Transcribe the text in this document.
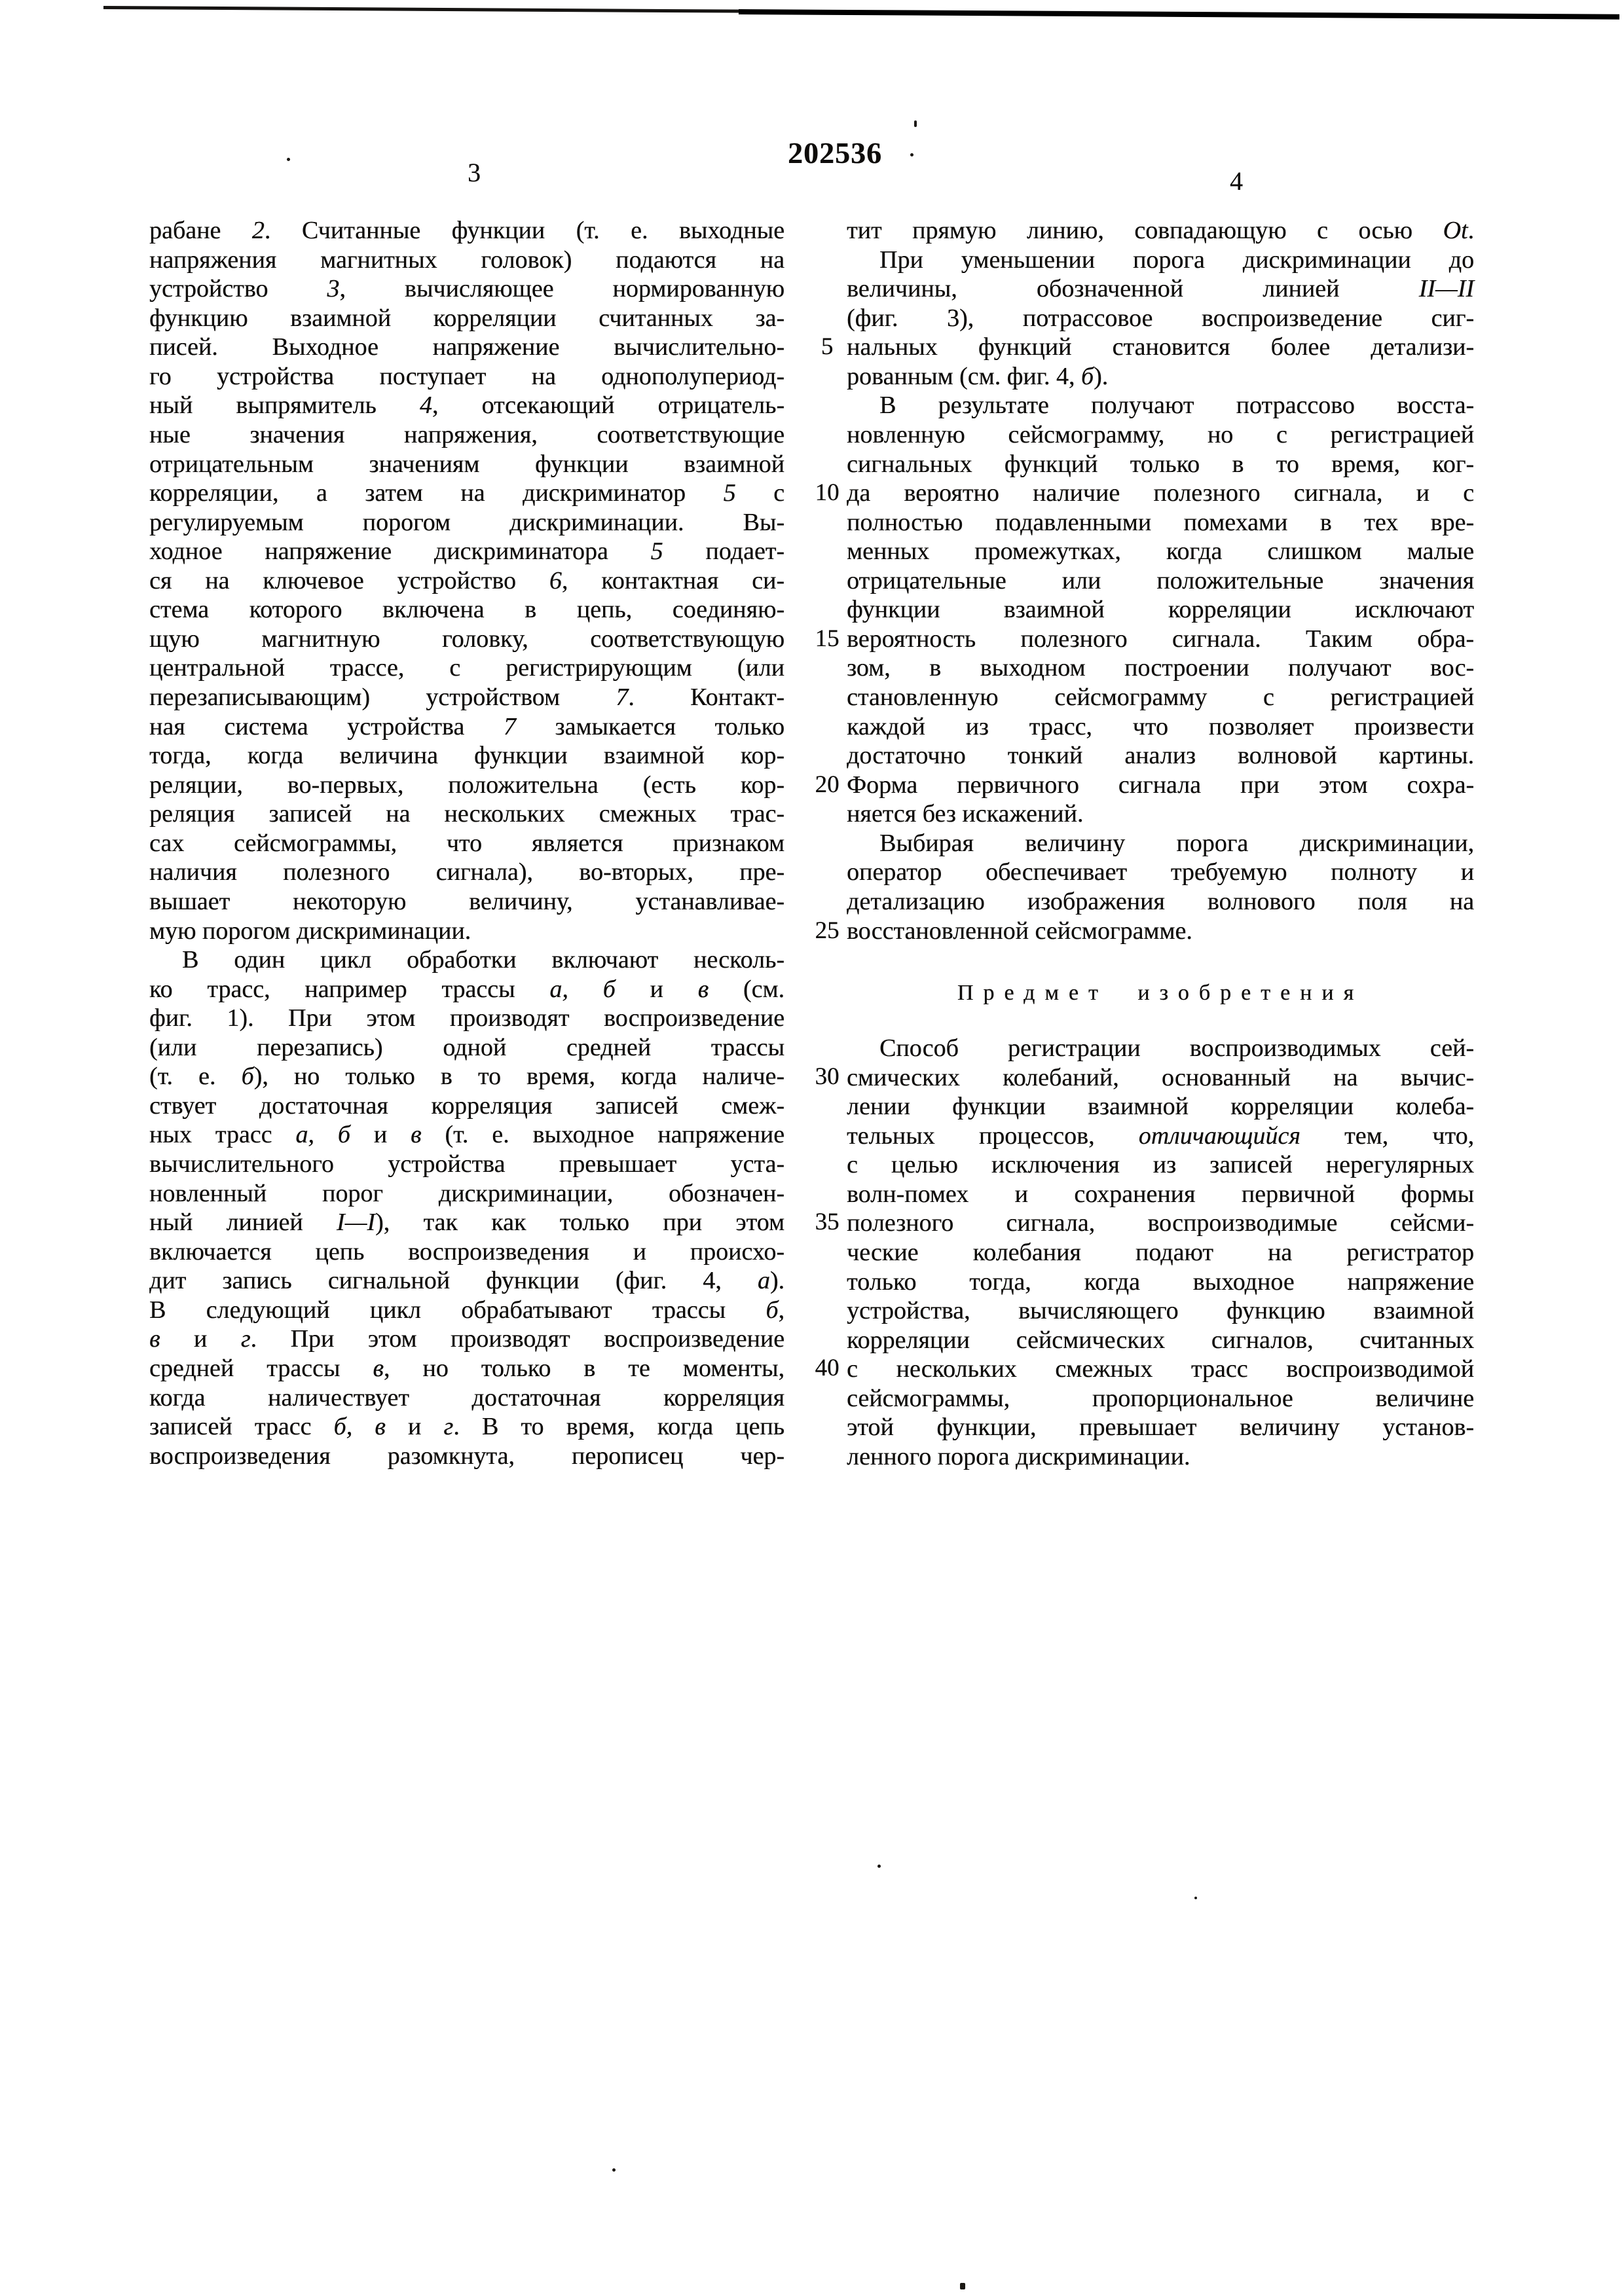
202536
3	4
рабане 2. Считанные функции (т. е. выходные
напряжения магнитных головок) подаются на
устройство 3, вычисляющее нормированную
функцию взаимной корреляции считанных за-
писей. Выходное напряжение вычислительно-
го устройства поступает на однополупериод-
ный выпрямитель 4, отсекающий отрицатель-
ные значения напряжения, соответствующие
отрицательным значениям функции взаимной
корреляции, а затем на дискриминатор 5 с
регулируемым порогом дискриминации. Вы-
ходное напряжение дискриминатора 5 подает-
ся на ключевое устройство 6, контактная си-
стема которого включена в цепь, соединяю-
щую магнитную головку, соответствующую
центральной трассе, с регистрирующим (или
перезаписывающим) устройством 7. Контакт-
ная система устройства 7 замыкается только
тогда, когда величина функции взаимной кор-
реляции, во-первых, положительна (есть кор-
реляция записей на нескольких смежных трас-
сах сейсмограммы, что является признаком
наличия полезного сигнала), во-вторых, пре-
вышает некоторую величину, устанавливае-
мую порогом дискриминации.
В один цикл обработки включают несколь-
ко трасс, например трассы а, б и в (см.
фиг. 1). При этом производят воспроизведение
(или перезапись) одной средней трассы
(т. е. б), но только в то время, когда наличе-
ствует достаточная корреляция записей смеж-
ных трасс а, б и в (т. е. выходное напряжение
вычислительного устройства превышает уста-
новленный порог дискриминации, обозначен-
ный линией I—I), так как только при этом
включается цепь воспроизведения и происхо-
дит запись сигнальной функции (фиг. 4, а).
В следующий цикл обрабатывают трассы б,
в и г. При этом производят воспроизведение
средней трассы в, но только в те моменты,
когда наличествует достаточная корреляция
записей трасс б, в и г. В то время, когда цепь
воспроизведения разомкнута, перописец чер-
тит прямую линию, совпадающую с осью Ot.
При уменьшении порога дискриминации до
величины, обозначенной линией II—II
(фиг. 3), потрассовое воспроизведение сиг-
нальных функций становится более детализи-
рованным (см. фиг. 4, б).
В результате получают потрассово восста-
новленную сейсмограмму, но с регистрацией
сигнальных функций только в то время, ког-
да вероятно наличие полезного сигнала, и с
полностью подавленными помехами в тех вре-
менных промежутках, когда слишком малые
отрицательные или положительные значения
функции взаимной корреляции исключают
вероятность полезного сигнала. Таким обра-
зом, в выходном построении получают вос-
становленную сейсмограмму с регистрацией
каждой из трасс, что позволяет произвести
достаточно тонкий анализ волновой картины.
Форма первичного сигнала при этом сохра-
няется без искажений.
Выбирая величину порога дискриминации,
оператор обеспечивает требуемую полноту и
детализацию изображения волнового поля на
восстановленной сейсмограмме.
Предмет изобретения
Способ регистрации воспроизводимых сей-
смических колебаний, основанный на вычис-
лении функции взаимной корреляции колеба-
тельных процессов, отличающийся тем, что,
с целью исключения из записей нерегулярных
волн-помех и сохранения первичной формы
полезного сигнала, воспроизводимые сейсми-
ческие колебания подают на регистратор
только тогда, когда выходное напряжение
устройства, вычисляющего функцию взаимной
корреляции сейсмических сигналов, считанных
с нескольких смежных трасс воспроизводимой
сейсмограммы, пропорциональное величине
этой функции, превышает величину установ-
ленного порога дискриминации.
5
10
15
20
25
30
35
40
